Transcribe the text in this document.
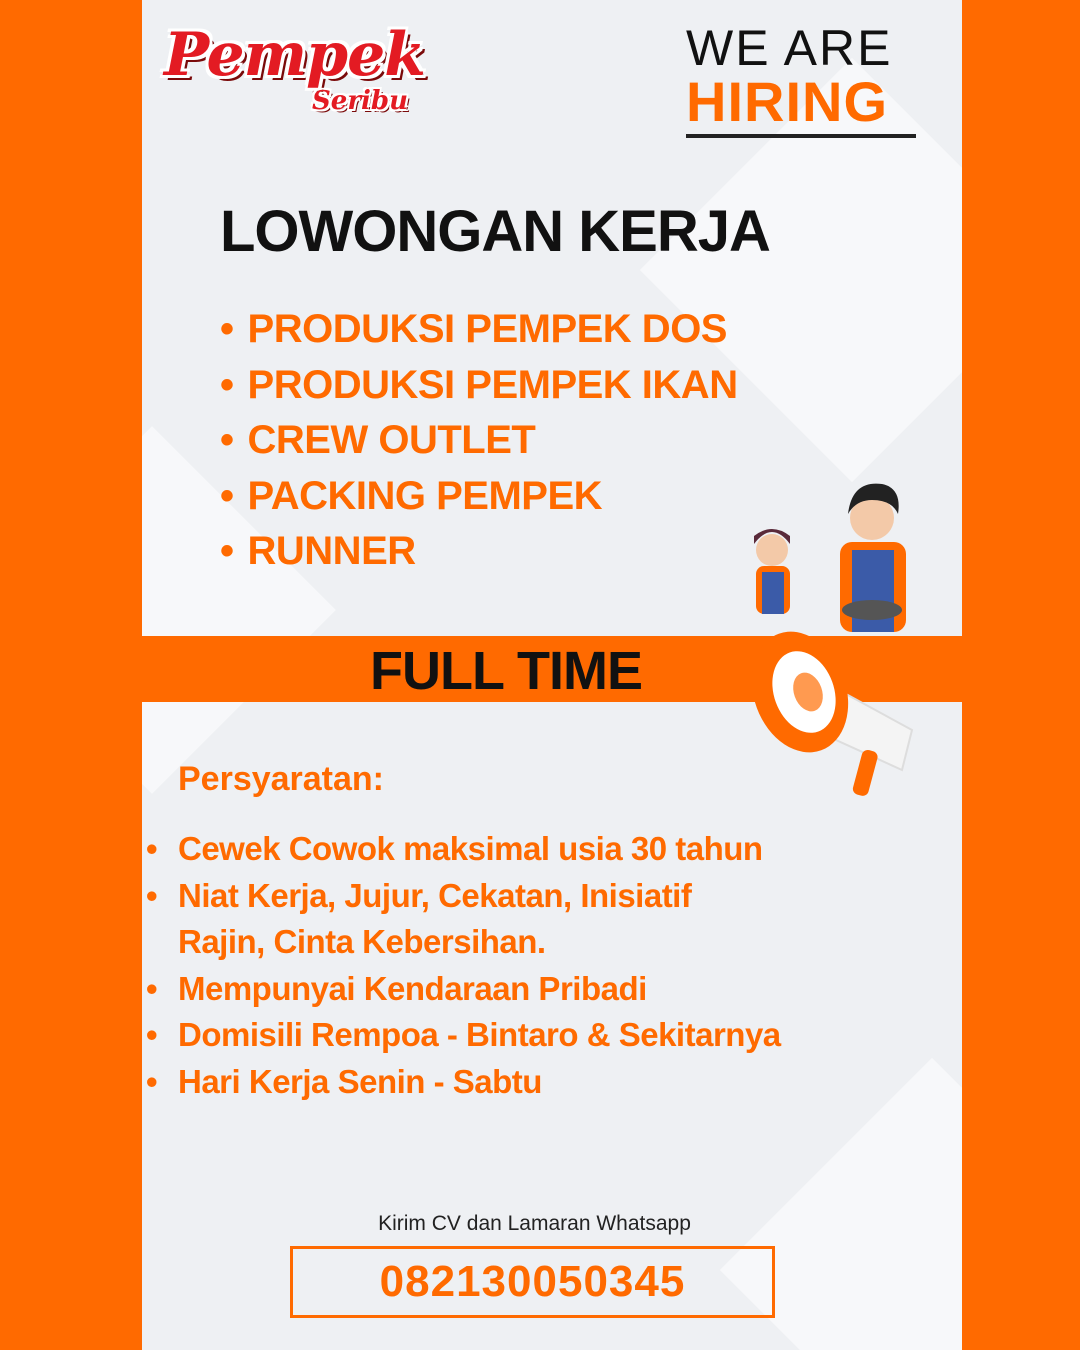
Pempek
Seribu
WE ARE
HIRING
LOWONGAN KERJA
• PRODUKSI PEMPEK DOS
• PRODUKSI PEMPEK IKAN
• CREW OUTLET
• PACKING PEMPEK
• RUNNER
FULL TIME
Persyaratan:
• Cewek Cowok maksimal usia 30 tahun
• Niat Kerja, Jujur, Cekatan, Inisiatif Rajin, Cinta Kebersihan.
• Mempunyai Kendaraan Pribadi
• Domisili Rempoa - Bintaro & Sekitarnya
• Hari Kerja Senin - Sabtu
Kirim CV dan Lamaran Whatsapp
082130050345
